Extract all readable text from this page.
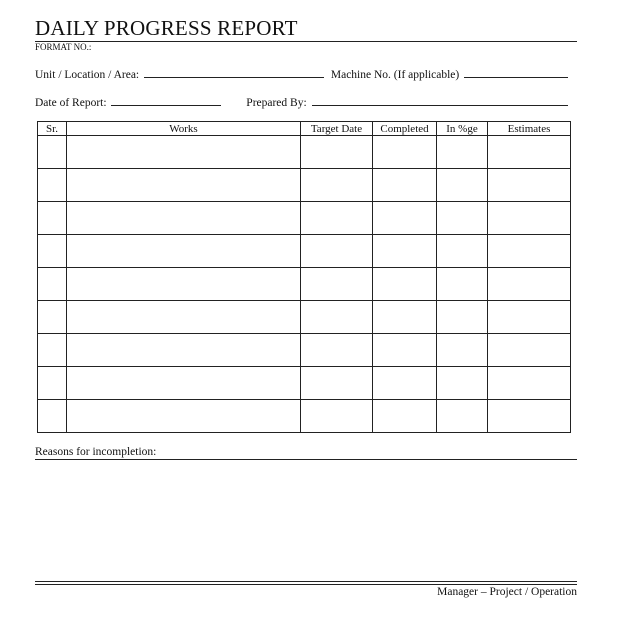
DAILY PROGRESS REPORT
FORMAT NO.:
Unit / Location / Area:	Machine No. (If applicable)
Date of Report:	Prepared By:
Sr.	Works	Target Date	Completed	In %ge	Estimates

Reasons for incompletion:
Manager – Project / Operation
